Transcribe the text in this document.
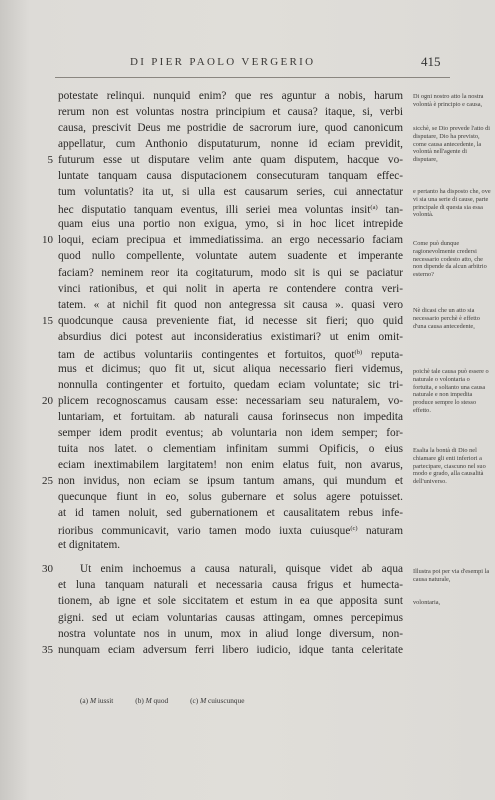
DI PIER PAOLO VERGERIO	415
potestate relinqui. nunquid enim? que res aguntur a nobis, harum
rerum non est voluntas nostra principium et causa? itaque, si, verbi
causa, prescivit Deus me postridie de sacrorum iure, quod canonicum
appellatur, cum Anthonio disputaturum, nonne id eciam previdit,
5 futurum esse ut disputare velim ante quam disputem, hacque vo-
luntate tanquam causa disputacionem consecuturam tanquam effec-
tum voluntatis? ita ut, si ulla est causarum series, cui annectatur
hec disputatio tanquam eventus, illi seriei mea voluntas insit$^{(a)}$ tan-
quam eius una portio non exigua, ymo, si in hoc licet intrepide
10 loqui, eciam precipua et immediatissima. an ergo necessario faciam
quod nullo compellente, voluntate autem suadente et imperante
faciam? neminem reor ita cogitaturum, modo sit is qui se paciatur
vinci rationibus, et qui nolit in aperta re contendere contra veri-
tatem. « at nichil fit quod non antegressa sit causa ». quasi vero
15 quodcunque causa preveniente fiat, id necesse sit fieri; quo quid
absurdius dici potest aut inconsideratius existimari? ut enim omit-
tam de actibus voluntariis contingentes et fortuitos, quot$^{(b)}$ reputa-
mus et dicimus; quo fit ut, sicut aliqua necessario fieri videmus,
nonnulla contingenter et fortuito, quedam eciam voluntate; sic tri-
20 plicem recognoscamus causam esse: necessariam seu naturalem, vo-
luntariam, et fortuitam. ab naturali causa forinsecus non impedita
semper idem prodit eventus; ab voluntaria non idem semper; for-
tuita nos latet. o clementiam infinitam summi Opificis, o eius
eciam inextimabilem largitatem! non enim elatus fuit, non avarus,
25 non invidus, non eciam se ipsum tantum amans, qui mundum et
quecunque fiunt in eo, solus gubernare et solus agere potuisset.
at id tamen noluit, sed gubernationem et causalitatem rebus infe-
rioribus communicavit, vario tamen modo iuxta cuiusque$^{(c)}$ naturam
et dignitatem.
30	Ut enim inchoemus a causa naturali, quisque videt ab aqua
et luna tanquam naturali et necessaria causa frigus et humecta-
tionem, ab igne et sole siccitatem et estum in ea que apposita sunt
gigni. sed ut eciam voluntarias causas attingam, omnes percepimus
nostra voluntate nos in unum, mox in aliud longe diversum, non-
35 nunquam eciam adversum ferri libero iudicio, idque tanta celeritate
Di ogni nostro atto la nostra volontà è principio e causa,
sicchè, se Dio prevede l'atto di disputare, Dio ha previsto, come causa antecedente, la volontà nell'agente di disputare,
e pertanto ha disposto che, ove vi sia una serie di cause, parte principale di questa sia essa volontà.
Come può dunque ragionevolmente credersi necessario codesto atto, che non dipende da alcun arbitrio esterno?
Nè dicasi che un atto sia necessario perchè è effetto d'una causa antecedente,
poichè tale causa può essere o naturale o volontaria o fortuita, e soltanto una causa naturale e non impedita produce sempre lo stesso effetto.
Esalta la bontà di Dio nel chiamare gli enti inferiori a partecipare, ciascuno nel suo modo e grado, alla causalità dell'universo.
Illustra poi per via d'esempi la causa naturale,
volontaria,
(a) M iussit	(b) M quod	(c) M cuiuscunque
